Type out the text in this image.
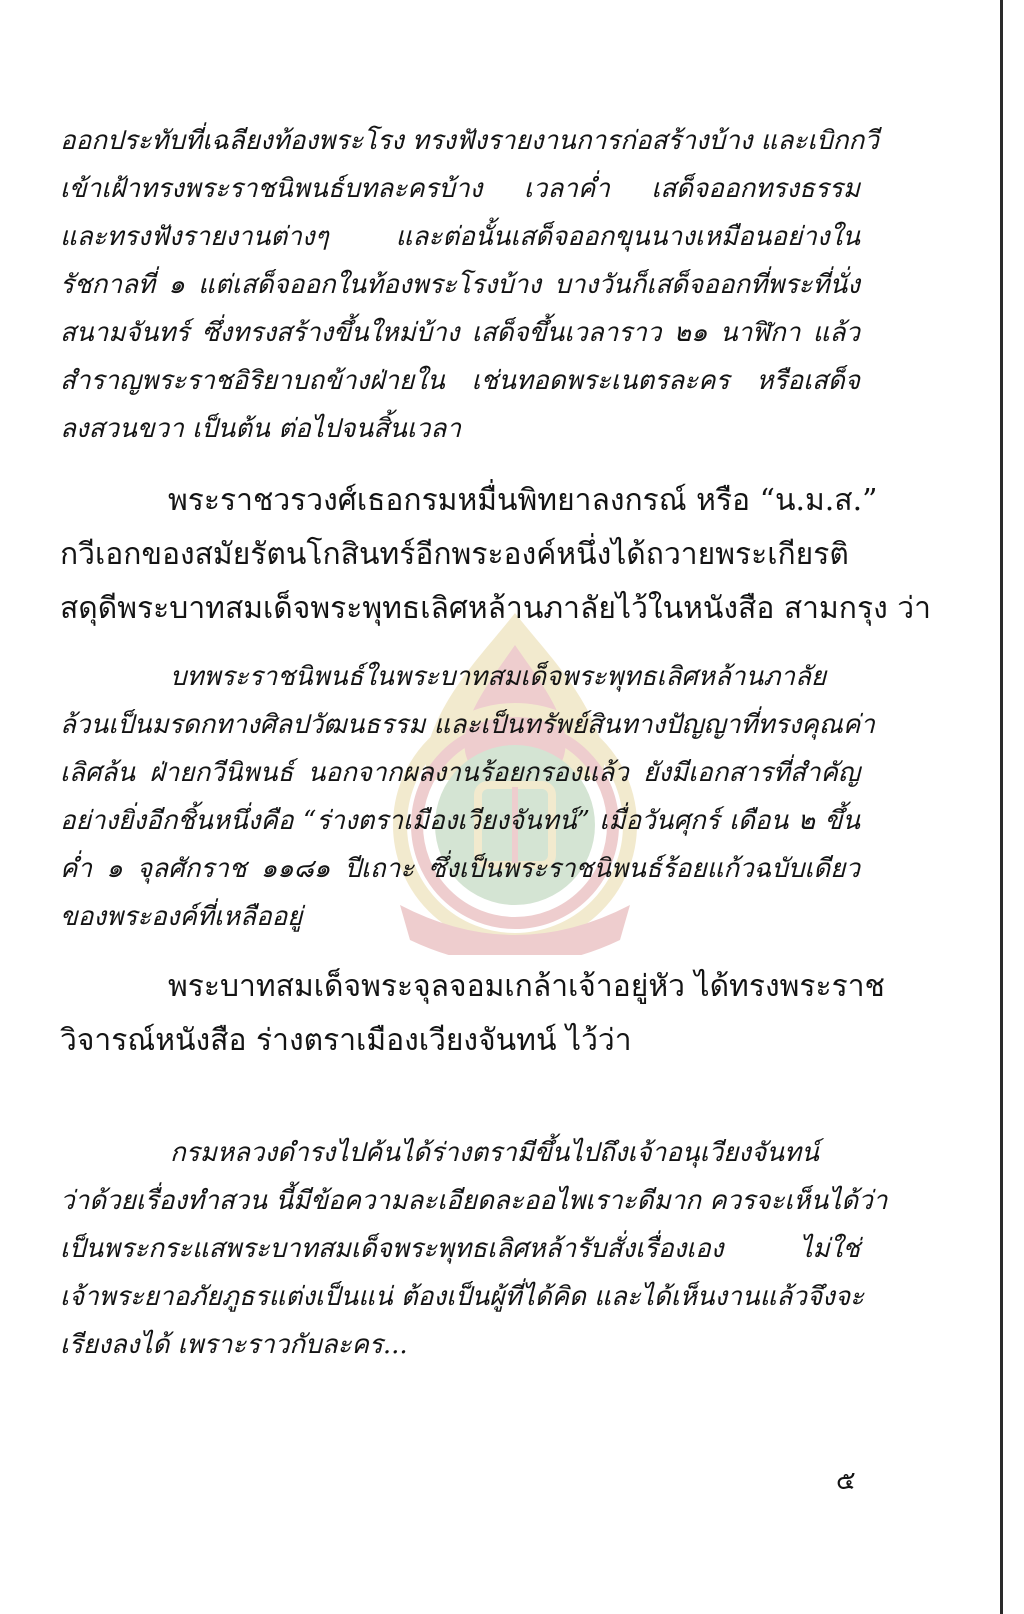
ออกประทับที่เฉลียงท้องพระโรง ทรงฟังรายงานการก่อสร้างบ้าง และเบิกกวี
เข้าเฝ้าทรงพระราชนิพนธ์บทละครบ้าง เวลาค่ำ เสด็จออกทรงธรรม
และทรงฟังรายงานต่างๆ และต่อนั้นเสด็จออกขุนนางเหมือนอย่างใน
รัชกาลที่ ๑ แต่เสด็จออกในท้องพระโรงบ้าง บางวันก็เสด็จออกที่พระที่นั่ง
สนามจันทร์ ซึ่งทรงสร้างขึ้นใหม่บ้าง เสด็จขึ้นเวลาราว ๒๑ นาฬิกา แล้ว
สำราญพระราชอิริยาบถข้างฝ่ายใน เช่นทอดพระเนตรละคร หรือเสด็จ
ลงสวนขวา เป็นต้น ต่อไปจนสิ้นเวลา
พระราชวรวงศ์เธอกรมหมื่นพิทยาลงกรณ์ หรือ “น.ม.ส.”
กวีเอกของสมัยรัตนโกสินทร์อีกพระองค์หนึ่งได้ถวายพระเกียรติ
สดุดีพระบาทสมเด็จพระพุทธเลิศหล้านภาลัยไว้ในหนังสือ สามกรุง ว่า
บทพระราชนิพนธ์ในพระบาทสมเด็จพระพุทธเลิศหล้านภาลัย
ล้วนเป็นมรดกทางศิลปวัฒนธรรม และเป็นทรัพย์สินทางปัญญาที่ทรงคุณค่า
เลิศล้น ฝ่ายกวีนิพนธ์ นอกจากผลงานร้อยกรองแล้ว ยังมีเอกสารที่สำคัญ
อย่างยิ่งอีกชิ้นหนึ่งคือ “ร่างตราเมืองเวียงจันทน์” เมื่อวันศุกร์ เดือน ๒ ขึ้น
ค่ำ ๑ จุลศักราช ๑๑๘๑ ปีเถาะ ซึ่งเป็นพระราชนิพนธ์ร้อยแก้วฉบับเดียว
ของพระองค์ที่เหลืออยู่
พระบาทสมเด็จพระจุลจอมเกล้าเจ้าอยู่หัว ได้ทรงพระราช
วิจารณ์หนังสือ ร่างตราเมืองเวียงจันทน์ ไว้ว่า
กรมหลวงดำรงไปค้นได้ร่างตรามีขึ้นไปถึงเจ้าอนุเวียงจันทน์
ว่าด้วยเรื่องทำสวน นี้มีข้อความละเอียดละออไพเราะดีมาก ควรจะเห็นได้ว่า
เป็นพระกระแสพระบาทสมเด็จพระพุทธเลิศหล้ารับสั่งเรื่องเอง ไม่ใช่
เจ้าพระยาอภัยภูธรแต่งเป็นแน่ ต้องเป็นผู้ที่ได้คิด และได้เห็นงานแล้วจึงจะ
เรียงลงได้ เพราะราวกับละคร...
๕
